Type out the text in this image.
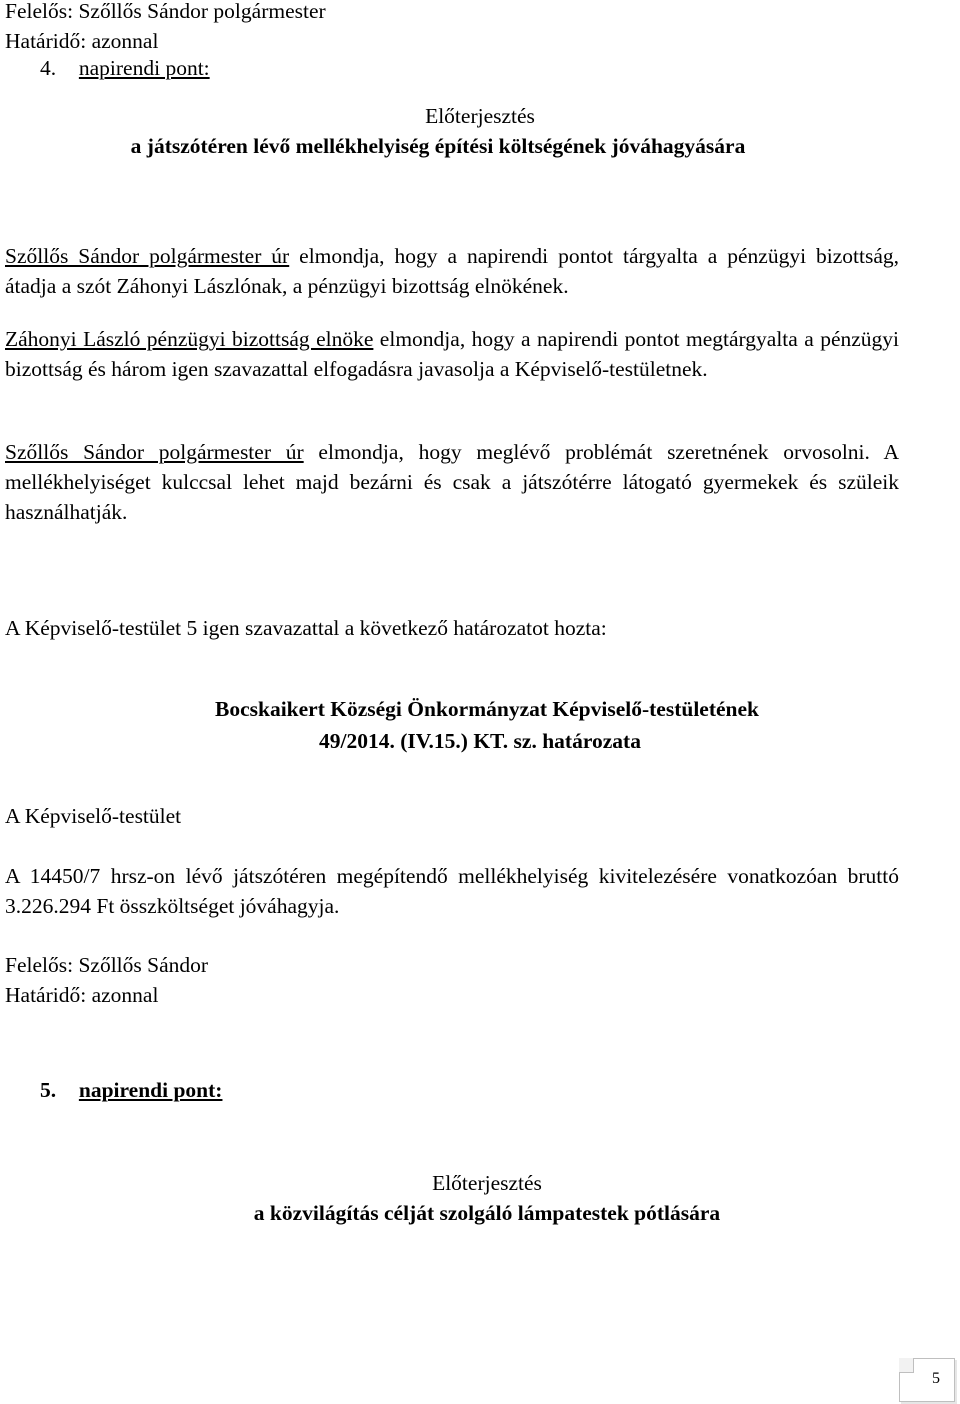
Felelős: Szőllős Sándor polgármester
Határidő: azonnal
4. napirendi pont:
Előterjesztés
a játszótéren lévő mellékhelyiség építési költségének jóváhagyására

Szőllős Sándor polgármester úr elmondja, hogy a napirendi pontot tárgyalta a pénzügyi bizottság, átadja a szót Záhonyi Lászlónak, a pénzügyi bizottság elnökének.

Záhonyi László pénzügyi bizottság elnöke elmondja, hogy a napirendi pontot megtárgyalta a pénzügyi bizottság és három igen szavazattal elfogadásra javasolja a Képviselő-testületnek.

Szőllős Sándor polgármester úr elmondja, hogy meglévő problémát szeretnének orvosolni. A mellékhelyiséget kulccsal lehet majd bezárni és csak a játszótérre látogató gyermekek és szüleik használhatják.

A Képviselő-testület 5 igen szavazattal a következő határozatot hozta:
Bocskaikert Községi Önkormányzat Képviselő-testületének
49/2014. (IV.15.) KT. sz. határozata
A Képviselő-testület

A 14450/7 hrsz-on lévő játszótéren megépítendő mellékhelyiség kivitelezésére vonatkozóan bruttó 3.226.294 Ft összköltséget jóváhagyja.

Felelős: Szőllős Sándor
Határidő: azonnal
5. napirendi pont:
Előterjesztés
a közvilágítás célját szolgáló lámpatestek pótlására
5
